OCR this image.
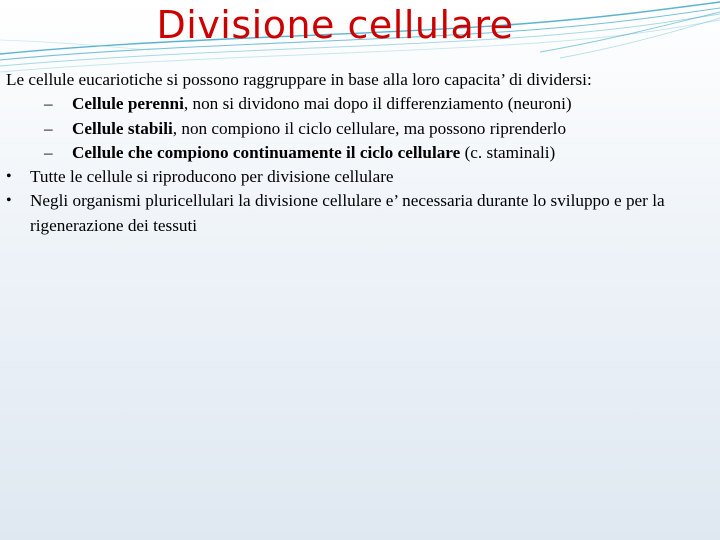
Divisione cellulare

Le cellule eucariotiche si possono raggruppare in base alla loro capacita’ di dividersi:

– Cellule perenni, non si dividono mai dopo il differenziamento (neuroni)

– Cellule stabili, non compiono il ciclo cellulare, ma possono riprenderlo

– Cellule che compiono continuamente il ciclo cellulare (c. staminali)

• Tutte le cellule si riproducono per divisione cellulare

• Negli organismi pluricellulari la divisione cellulare e’ necessaria durante lo sviluppo e per la rigenerazione dei tessuti
